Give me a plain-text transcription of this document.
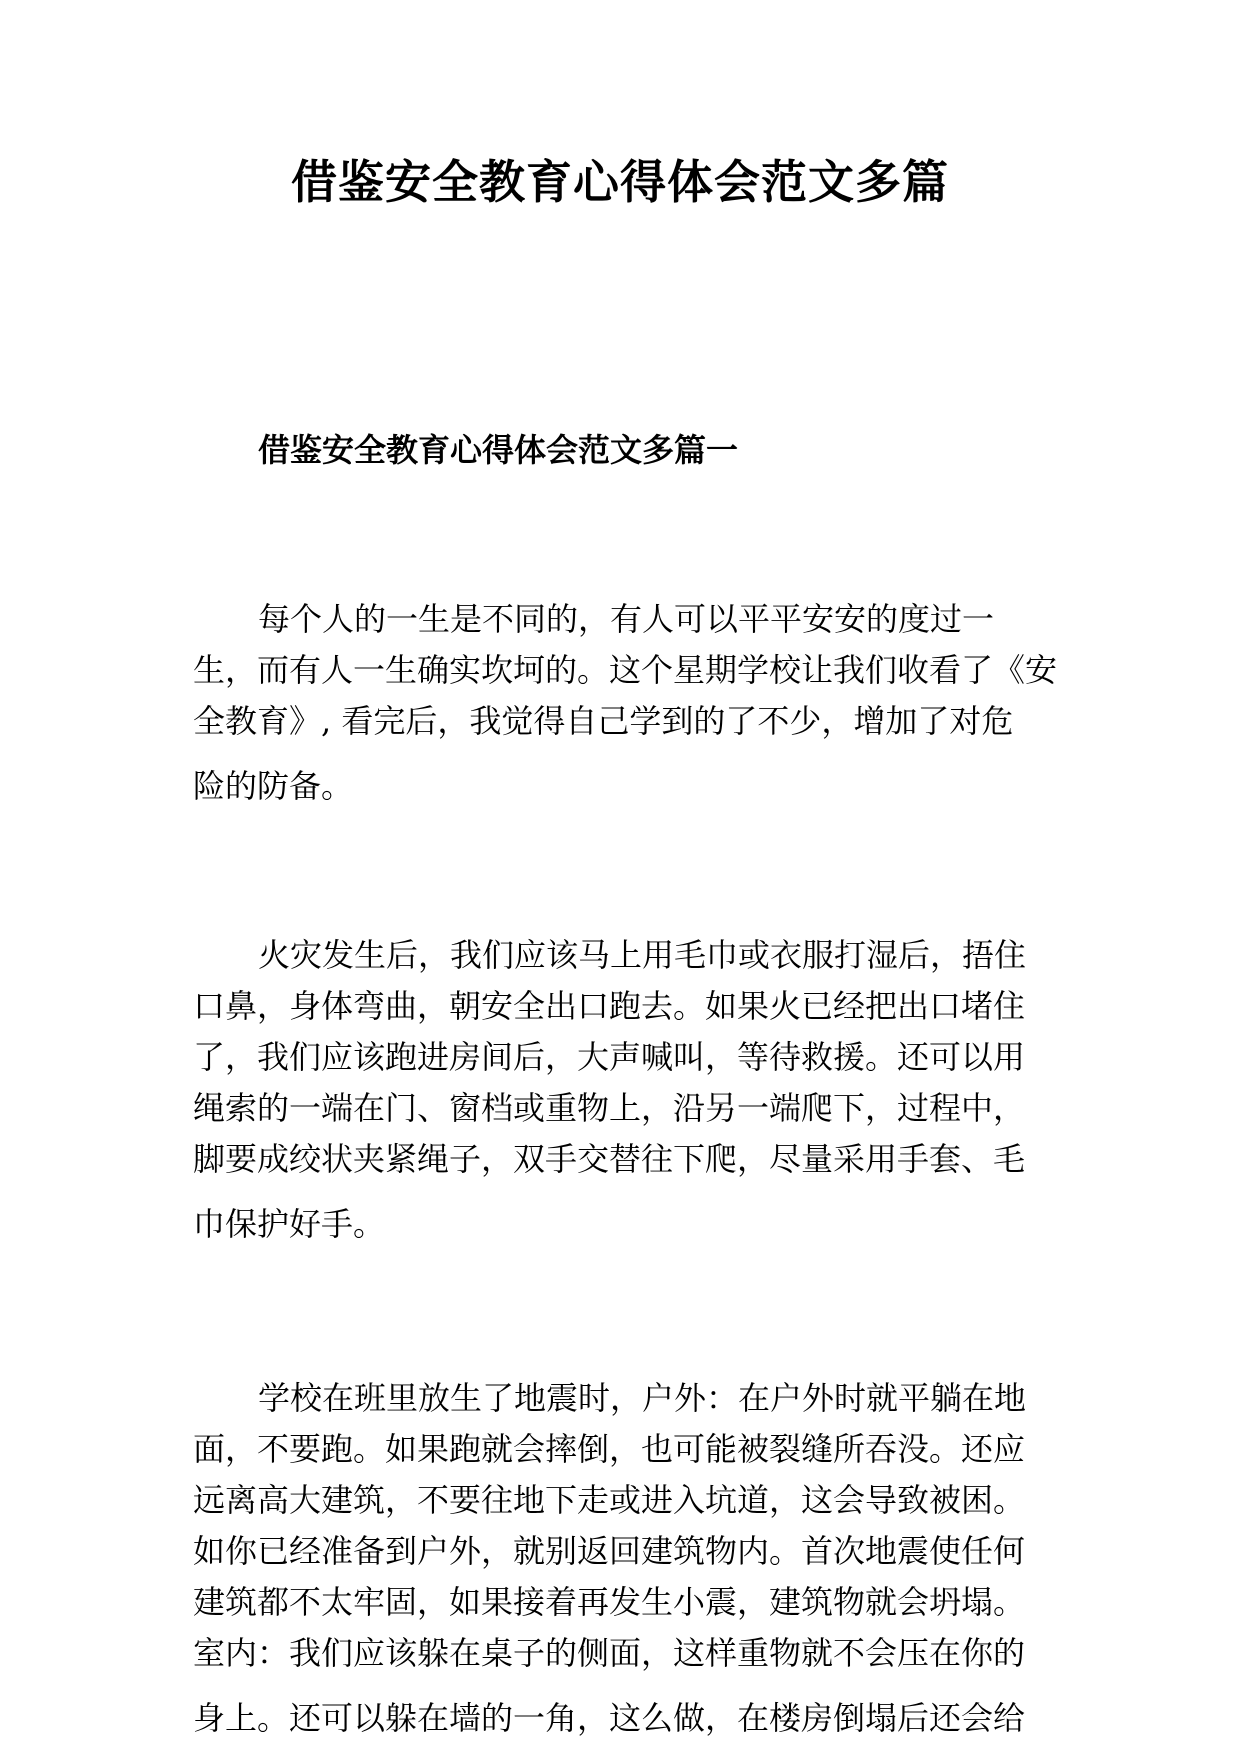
借鉴安全教育心得体会范文多篇
借鉴安全教育心得体会范文多篇一
每个人的一生是不同的，有人可以平平安安的度过一
生，而有人一生确实坎坷的。这个星期学校让我们收看了《安
全教育》, 看完后，我觉得自己学到的了不少，增加了对危
险的防备。
火灾发生后，我们应该马上用毛巾或衣服打湿后，捂住
口鼻，身体弯曲，朝安全出口跑去。如果火已经把出口堵住
了，我们应该跑进房间后，大声喊叫，等待救援。还可以用
绳索的一端在门、窗档或重物上，沿另一端爬下，过程中，
脚要成绞状夹紧绳子，双手交替往下爬，尽量采用手套、毛
巾保护好手。
学校在班里放生了地震时，户外：在户外时就平躺在地
面，不要跑。如果跑就会摔倒，也可能被裂缝所吞没。还应
远离高大建筑，不要往地下走或进入坑道，这会导致被困。
如你已经准备到户外，就别返回建筑物内。首次地震使任何
建筑都不太牢固，如果接着再发生小震，建筑物就会坍塌。
室内：我们应该躲在桌子的侧面，这样重物就不会压在你的
身上。还可以躲在墙的一角，这么做，在楼房倒塌后还会给
